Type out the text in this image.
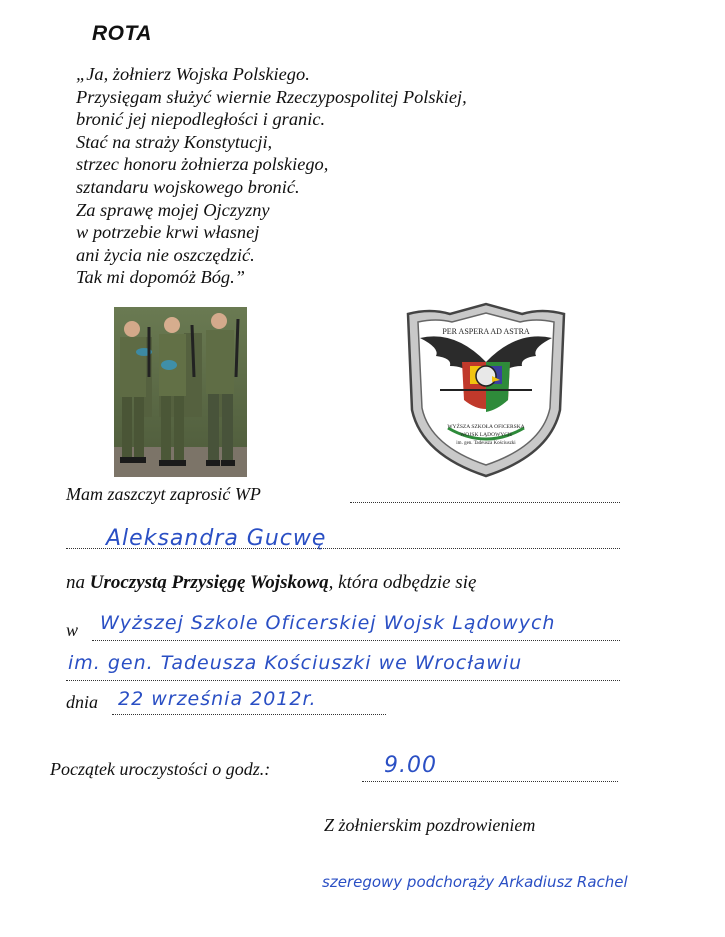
ROTA
„Ja, żołnierz Wojska Polskiego.
Przysięgam służyć wiernie Rzeczypospolitej Polskiej,
bronić jej niepodległości i granic.
Stać na straży Konstytucji,
strzec honoru żołnierza polskiego,
sztandaru wojskowego bronić.
Za sprawę mojej Ojczyzny
w potrzebie krwi własnej
ani życia nie oszczędzić.
Tak mi dopomóż Bóg.”
PER ASPERA AD ASTRA
WYŻSZA SZKOŁA OFICERSKA
WOJSK LĄDOWYCH
im. gen. Tadeusza Kościuszki
Mam zaszczyt zaprosić WP
Aleksandra Gucwę
na Uroczystą Przysięgę Wojskową, która odbędzie się
w Wyższej Szkole Oficerskiej Wojsk Lądowych
im. gen. Tadeusza Kościuszki we Wrocławiu
dnia 22 września 2012r.
Początek uroczystości o godz.:	9.00
Z żołnierskim pozdrowieniem
szeregowy podchorąży Arkadiusz Rachel
